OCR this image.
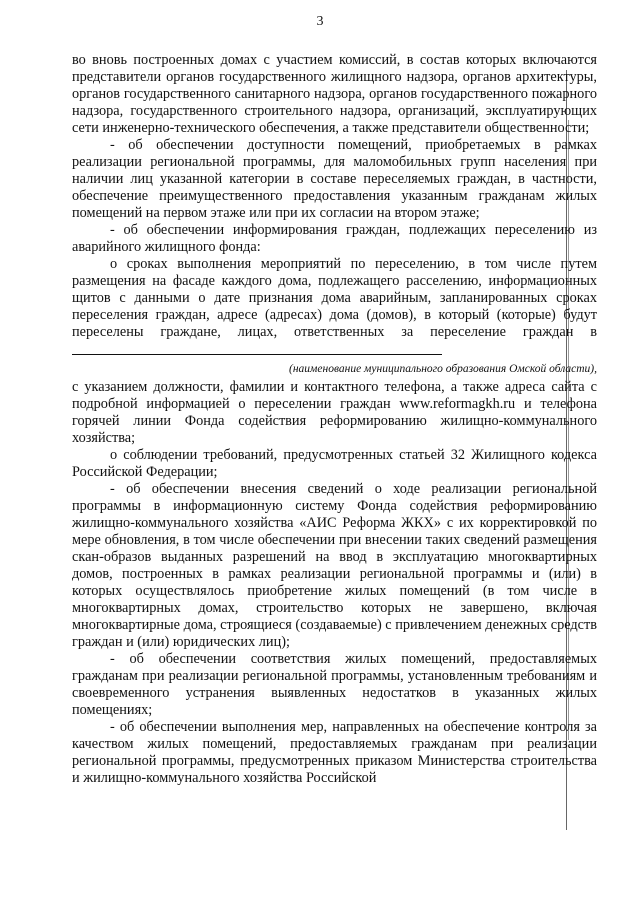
3

во вновь построенных домах с участием комиссий, в состав которых включаются представители органов государственного жилищного надзора, органов архитектуры, органов государственного санитарного надзора, органов государственного пожарного надзора, государственного строительного надзора, организаций, эксплуатирующих сети инженерно-технического обеспечения, а также представители общественности;

- об обеспечении доступности помещений, приобретаемых в рамках реализации региональной программы, для маломобильных групп населения при наличии лиц указанной категории в составе переселяемых граждан, в частности, обеспечение преимущественного предоставления указанным гражданам жилых помещений на первом этаже или при их согласии на втором этаже;

- об обеспечении информирования граждан, подлежащих переселению из аварийного жилищного фонда:

о сроках выполнения мероприятий по переселению, в том числе путем размещения на фасаде каждого дома, подлежащего расселению, информационных щитов с данными о дате признания дома аварийным, запланированных сроках переселения граждан, адресе (адресах) дома (домов), в который (которые) будут переселены граждане, лицах, ответственных за переселение граждан в

(наименование муниципального образования Омской области),

с указанием должности, фамилии и контактного телефона, а также адреса сайта с подробной информацией о переселении граждан www.reformagkh.ru и телефона горячей линии Фонда содействия реформированию жилищно-коммунального хозяйства;

о соблюдении требований, предусмотренных статьей 32 Жилищного кодекса Российской Федерации;

- об обеспечении внесения сведений о ходе реализации региональной программы в информационную систему Фонда содействия реформированию жилищно-коммунального хозяйства «АИС Реформа ЖКХ» с их корректировкой по мере обновления, в том числе обеспечении при внесении таких сведений размещения скан-образов выданных разрешений на ввод в эксплуатацию многоквартирных домов, построенных в рамках реализации региональной программы и (или) в которых осуществлялось приобретение жилых помещений (в том числе в многоквартирных домах, строительство которых не завершено, включая многоквартирные дома, строящиеся (создаваемые) с привлечением денежных средств граждан и (или) юридических лиц);

- об обеспечении соответствия жилых помещений, предоставляемых гражданам при реализации региональной программы, установленным требованиям и своевременного устранения выявленных недостатков в указанных жилых помещениях;

- об обеспечении выполнения мер, направленных на обеспечение контроля за качеством жилых помещений, предоставляемых гражданам при реализации региональной программы, предусмотренных приказом Министерства строительства и жилищно-коммунального хозяйства Российской
